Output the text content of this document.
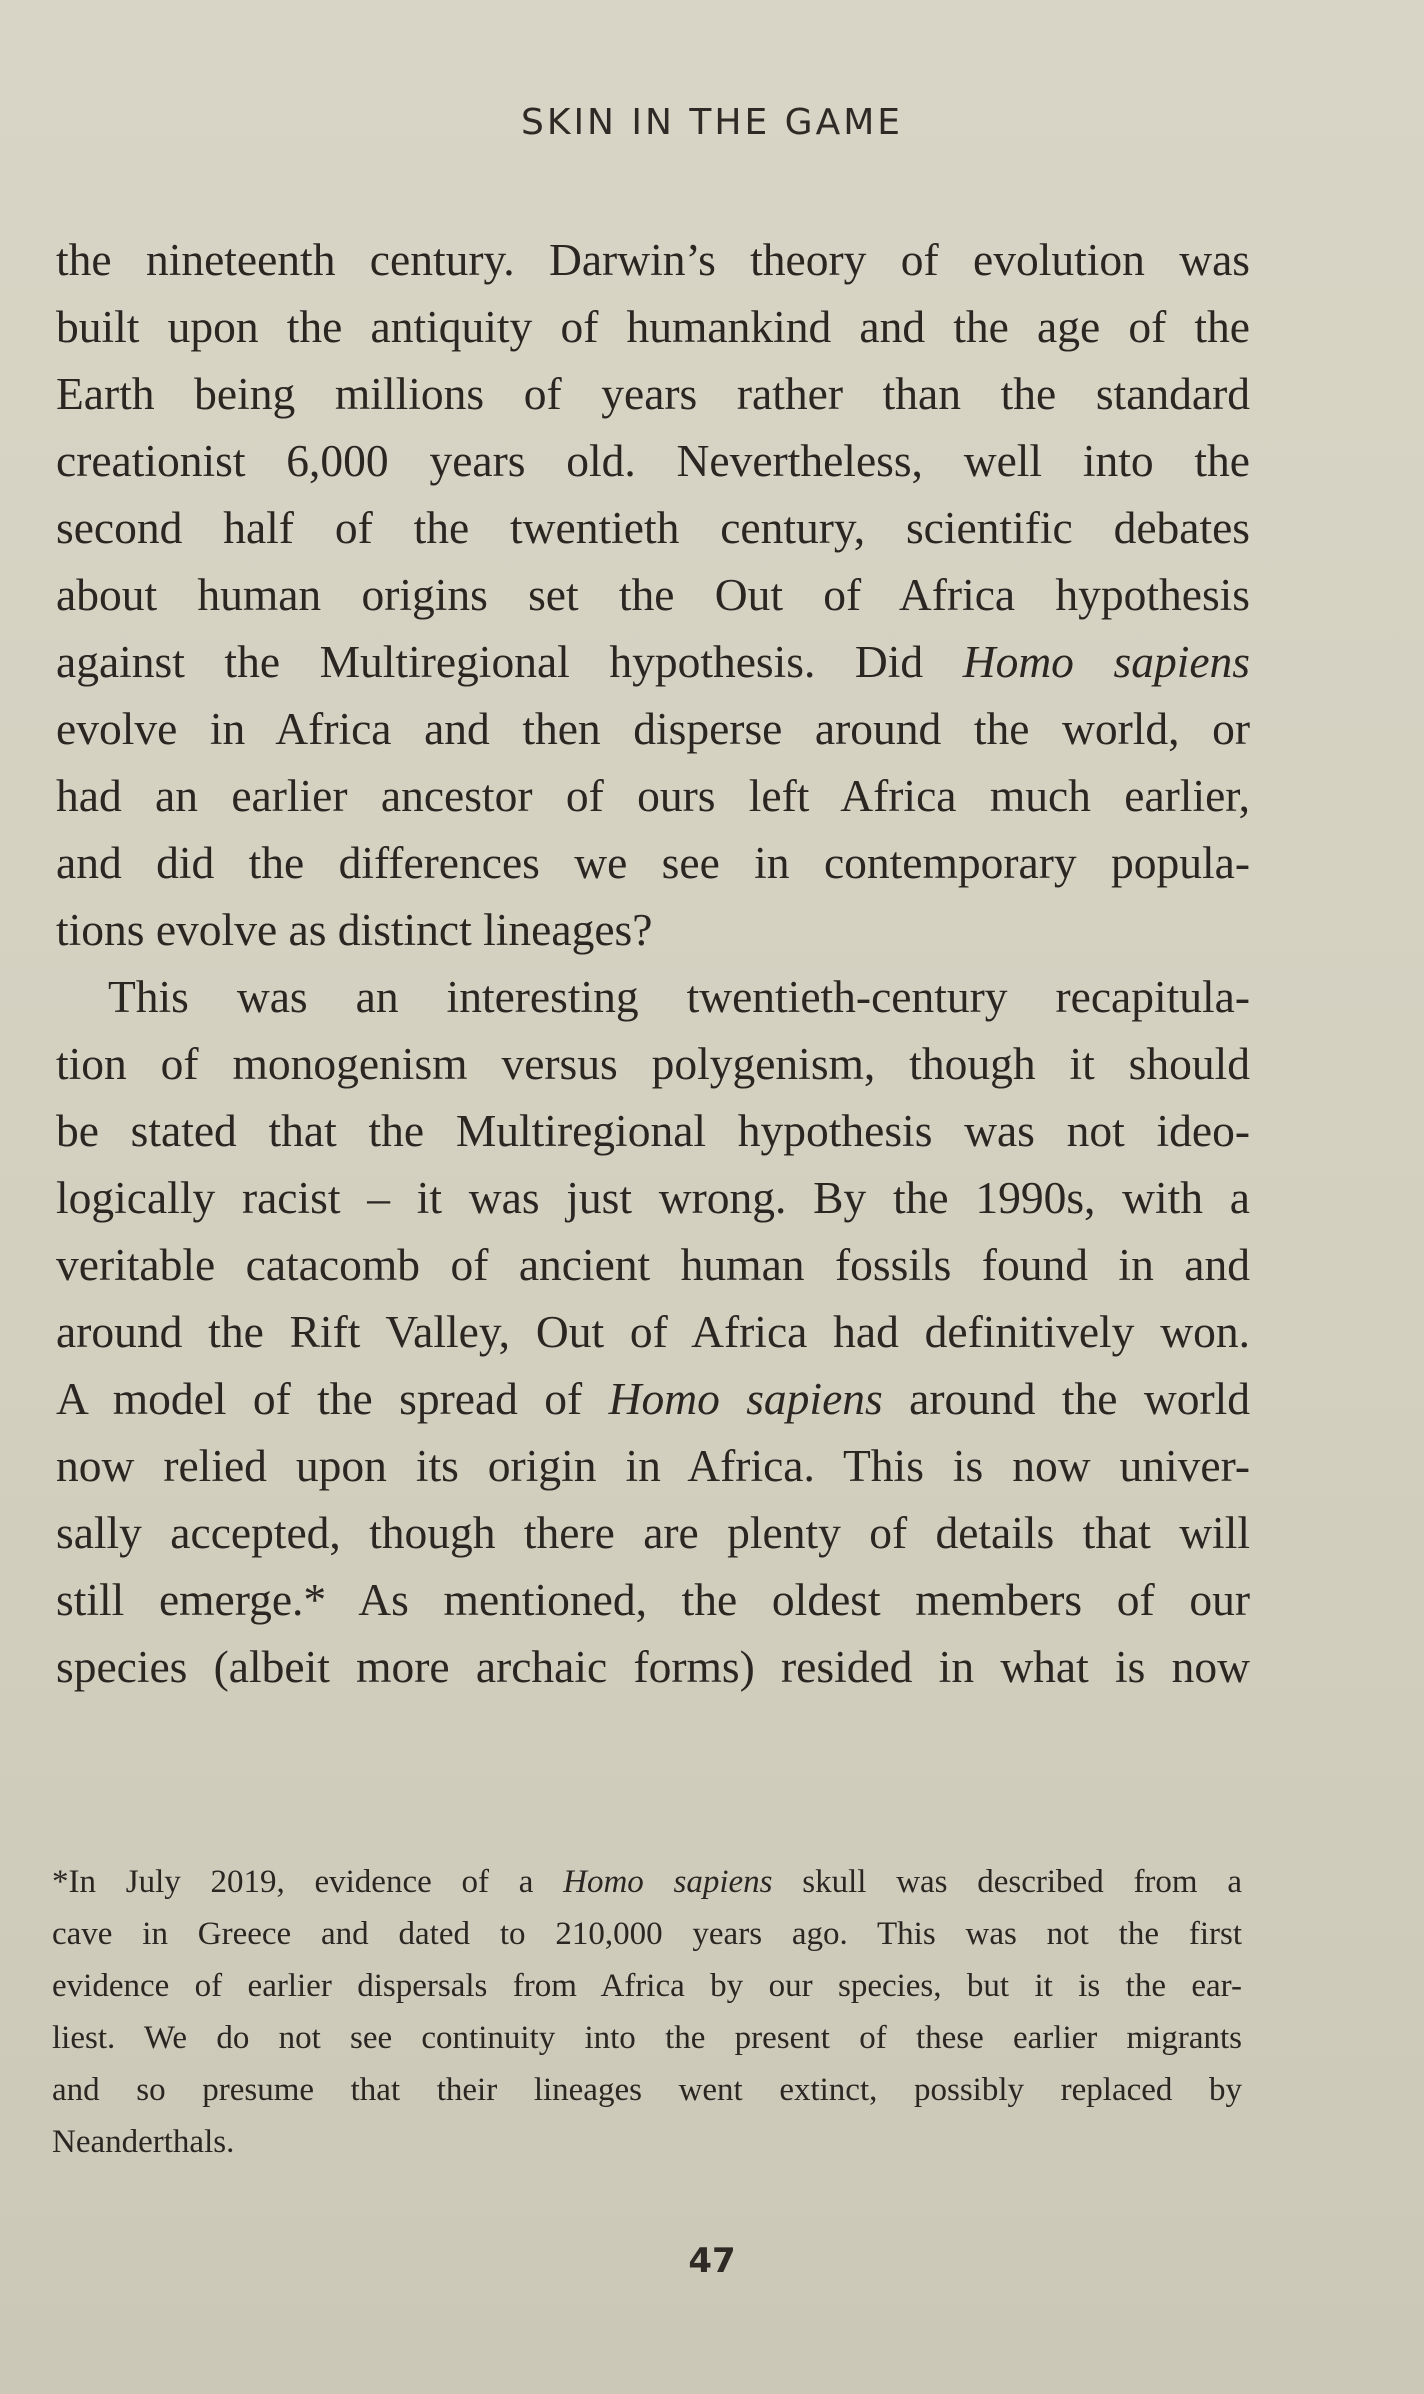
SKIN IN THE GAME
the nineteenth century. Darwin’s theory of evolution was
built upon the antiquity of humankind and the age of the
Earth being millions of years rather than the standard
creationist 6,000 years old. Nevertheless, well into the
second half of the twentieth century, scientific debates
about human origins set the Out of Africa hypothesis
against the Multiregional hypothesis. Did Homo sapiens
evolve in Africa and then disperse around the world, or
had an earlier ancestor of ours left Africa much earlier,
and did the differences we see in contemporary popula-
tions evolve as distinct lineages?
This was an interesting twentieth-century recapitula-
tion of monogenism versus polygenism, though it should
be stated that the Multiregional hypothesis was not ideo-
logically racist – it was just wrong. By the 1990s, with a
veritable catacomb of ancient human fossils found in and
around the Rift Valley, Out of Africa had definitively won.
A model of the spread of Homo sapiens around the world
now relied upon its origin in Africa. This is now univer-
sally accepted, though there are plenty of details that will
still emerge.* As mentioned, the oldest members of our
species (albeit more archaic forms) resided in what is now
*In July 2019, evidence of a Homo sapiens skull was described from a
cave in Greece and dated to 210,000 years ago. This was not the first
evidence of earlier dispersals from Africa by our species, but it is the ear-
liest. We do not see continuity into the present of these earlier migrants
and so presume that their lineages went extinct, possibly replaced by
Neanderthals.
47
